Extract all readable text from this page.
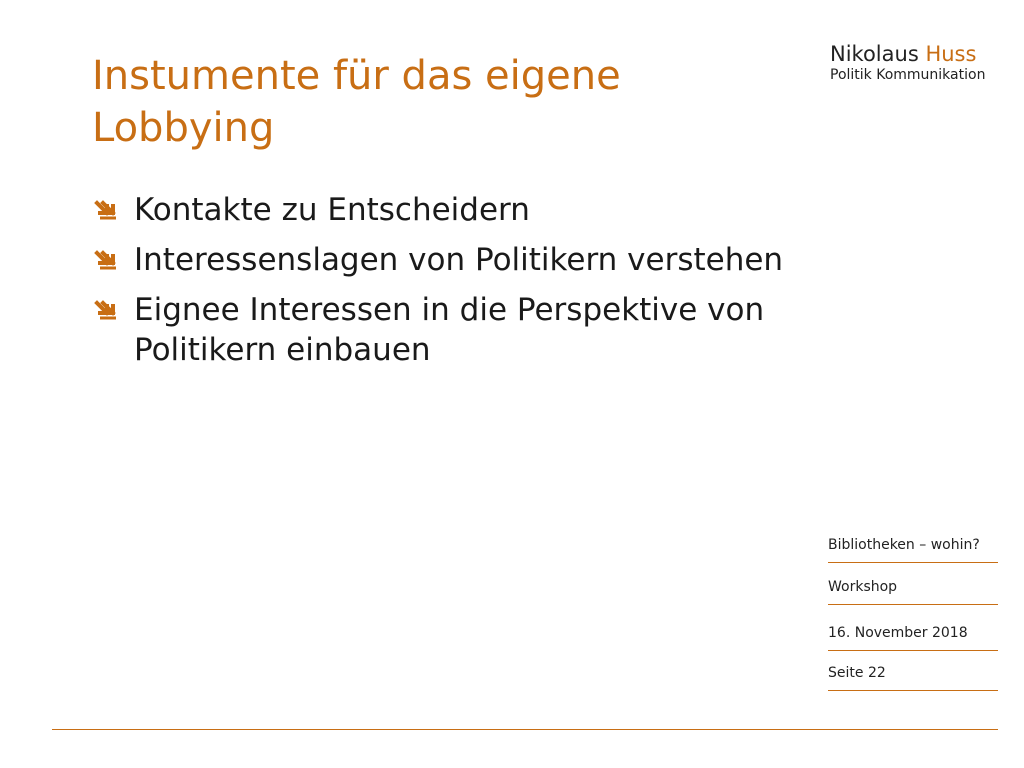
Instumente für das eigene Lobbying
Nikolaus Huss
Politik Kommunikation
Kontakte zu Entscheidern
Interessenslagen von Politikern verstehen
Eignee Interessen in die Perspektive von Politikern einbauen
Bibliotheken – wohin?
Workshop
16. November 2018
Seite 22
